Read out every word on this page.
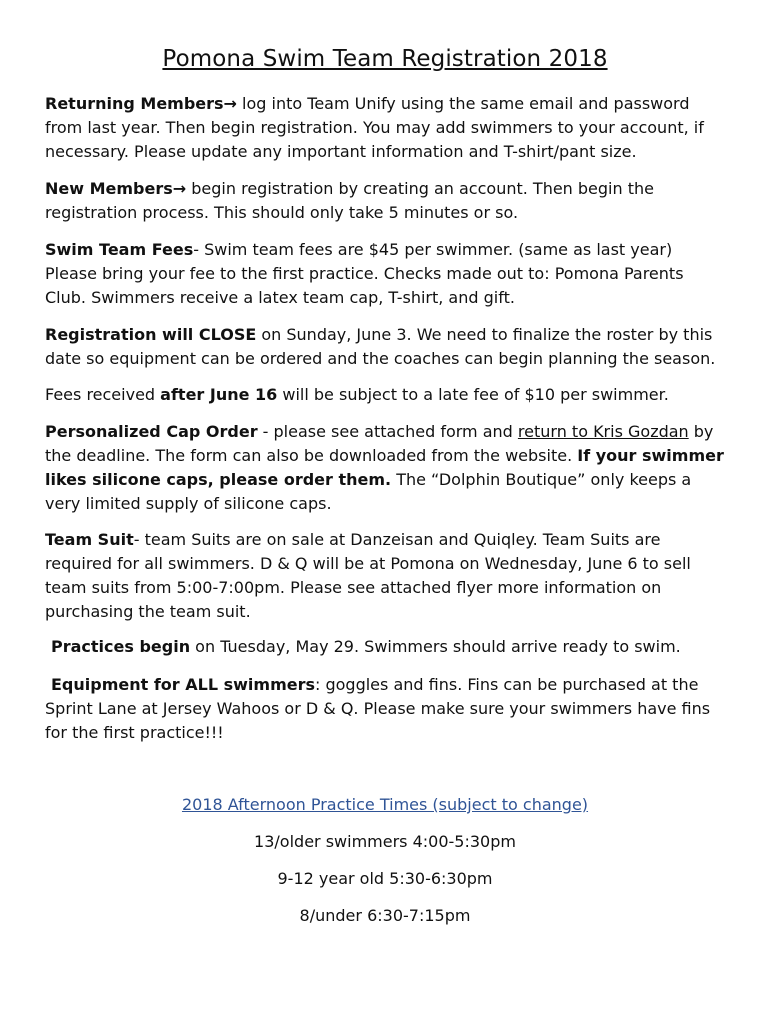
Pomona Swim Team Registration 2018

Returning Members→ log into Team Unify using the same email and password from last year. Then begin registration. You may add swimmers to your account, if necessary. Please update any important information and T-shirt/pant size.

New Members→ begin registration by creating an account. Then begin the registration process. This should only take 5 minutes or so.

Swim Team Fees- Swim team fees are $45 per swimmer. (same as last year) Please bring your fee to the first practice. Checks made out to: Pomona Parents Club. Swimmers receive a latex team cap, T-shirt, and gift.

Registration will CLOSE on Sunday, June 3. We need to finalize the roster by this date so equipment can be ordered and the coaches can begin planning the season.

Fees received after June 16 will be subject to a late fee of $10 per swimmer.

Personalized Cap Order - please see attached form and return to Kris Gozdan by the deadline. The form can also be downloaded from the website. If your swimmer likes silicone caps, please order them. The “Dolphin Boutique” only keeps a very limited supply of silicone caps.

Team Suit- team Suits are on sale at Danzeisan and Quiqley. Team Suits are required for all swimmers. D & Q will be at Pomona on Wednesday, June 6 to sell team suits from 5:00-7:00pm. Please see attached flyer more information on purchasing the team suit.

Practices begin on Tuesday, May 29. Swimmers should arrive ready to swim.

Equipment for ALL swimmers: goggles and fins. Fins can be purchased at the Sprint Lane at Jersey Wahoos or D & Q. Please make sure your swimmers have fins for the first practice!!!

2018 Afternoon Practice Times (subject to change)
13/older swimmers 4:00-5:30pm
9-12 year old 5:30-6:30pm
8/under 6:30-7:15pm
